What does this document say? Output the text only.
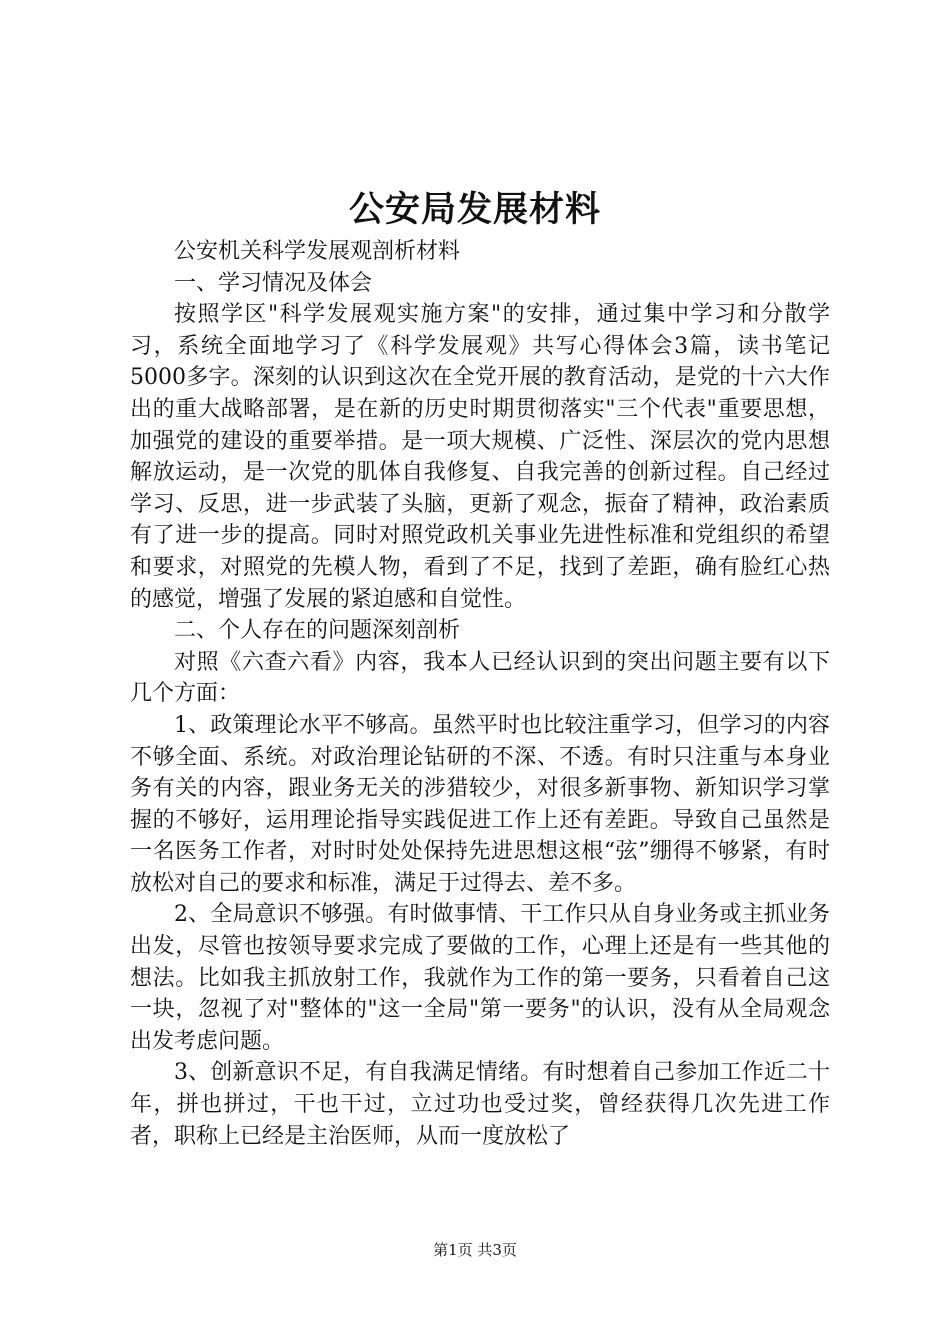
公安局发展材料

公安机关科学发展观剖析材料

一、学习情况及体会

按照学区"科学发展观实施方案"的安排，通过集中学习和分散学习，系统全面地学习了《科学发展观》共写心得体会3篇，读书笔记5000多字。深刻的认识到这次在全党开展的教育活动，是党的十六大作出的重大战略部署，是在新的历史时期贯彻落实"三个代表"重要思想，加强党的建设的重要举措。是一项大规模、广泛性、深层次的党内思想解放运动，是一次党的肌体自我修复、自我完善的创新过程。自己经过学习、反思，进一步武装了头脑，更新了观念，振奋了精神，政治素质有了进一步的提高。同时对照党政机关事业先进性标准和党组织的希望和要求，对照党的先模人物，看到了不足，找到了差距，确有脸红心热的感觉，增强了发展的紧迫感和自觉性。

二、个人存在的问题深刻剖析

对照《六查六看》内容，我本人已经认识到的突出问题主要有以下几个方面：

1、政策理论水平不够高。虽然平时也比较注重学习，但学习的内容不够全面、系统。对政治理论钻研的不深、不透。有时只注重与本身业务有关的内容，跟业务无关的涉猎较少，对很多新事物、新知识学习掌握的不够好，运用理论指导实践促进工作上还有差距。导致自己虽然是一名医务工作者，对时时处处保持先进思想这根“弦”绷得不够紧，有时放松对自己的要求和标准，满足于过得去、差不多。

2、全局意识不够强。有时做事情、干工作只从自身业务或主抓业务出发，尽管也按领导要求完成了要做的工作，心理上还是有一些其他的想法。比如我主抓放射工作，我就作为工作的第一要务，只看着自己这一块，忽视了对"整体的"这一全局"第一要务"的认识，没有从全局观念出发考虑问题。

3、创新意识不足，有自我满足情绪。有时想着自己参加工作近二十年，拼也拼过，干也干过，立过功也受过奖，曾经获得几次先进工作者，职称上已经是主治医师，从而一度放松了

第1页 共3页
